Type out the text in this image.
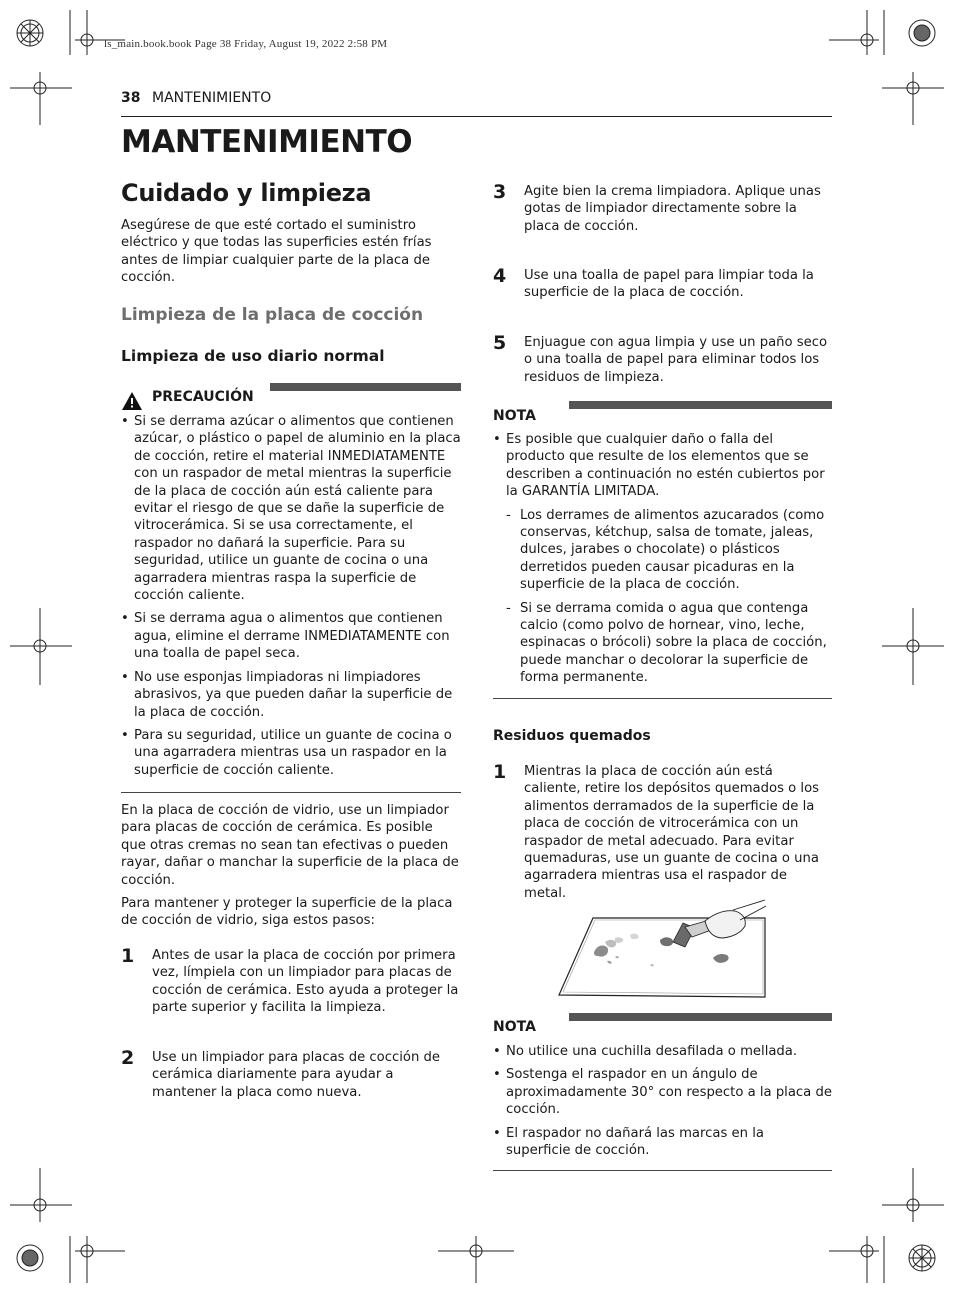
ls_main.book.book Page 38 Friday, August 19, 2022 2:58 PM
38 MANTENIMIENTO
MANTENIMIENTO
Cuidado y limpieza

Asegúrese de que esté cortado el suministro eléctrico y que todas las superficies estén frías antes de limpiar cualquier parte de la placa de cocción.

Limpieza de la placa de cocción
Limpieza de uso diario normal
PRECAUCIÓN
• Si se derrama azúcar o alimentos que contienen azúcar, o plástico o papel de aluminio en la placa de cocción, retire el material INMEDIATAMENTE con un raspador de metal mientras la superficie de la placa de cocción aún está caliente para evitar el riesgo de que se dañe la superficie de vitrocerámica. Si se usa correctamente, el raspador no dañará la superficie. Para su seguridad, utilice un guante de cocina o una agarradera mientras raspa la superficie de cocción caliente.
• Si se derrama agua o alimentos que contienen agua, elimine el derrame INMEDIATAMENTE con una toalla de papel seca.
• No use esponjas limpiadoras ni limpiadores abrasivos, ya que pueden dañar la superficie de la placa de cocción.
• Para su seguridad, utilice un guante de cocina o una agarradera mientras usa un raspador en la superficie de cocción caliente.

En la placa de cocción de vidrio, use un limpiador para placas de cocción de cerámica. Es posible que otras cremas no sean tan efectivas o pueden rayar, dañar o manchar la superficie de la placa de cocción.

Para mantener y proteger la superficie de la placa de cocción de vidrio, siga estos pasos:

1 Antes de usar la placa de cocción por primera vez, límpiela con un limpiador para placas de cocción de cerámica. Esto ayuda a proteger la parte superior y facilita la limpieza.
2 Use un limpiador para placas de cocción de cerámica diariamente para ayudar a mantener la placa como nueva.
3 Agite bien la crema limpiadora. Aplique unas gotas de limpiador directamente sobre la placa de cocción.
4 Use una toalla de papel para limpiar toda la superficie de la placa de cocción.
5 Enjuague con agua limpia y use un paño seco o una toalla de papel para eliminar todos los residuos de limpieza.
NOTA
• Es posible que cualquier daño o falla del producto que resulte de los elementos que se describen a continuación no estén cubiertos por la GARANTÍA LIMITADA.
- Los derrames de alimentos azucarados (como conservas, kétchup, salsa de tomate, jaleas, dulces, jarabes o chocolate) o plásticos derretidos pueden causar picaduras en la superficie de la placa de cocción.
- Si se derrama comida o agua que contenga calcio (como polvo de hornear, vino, leche, espinacas o brócoli) sobre la placa de cocción, puede manchar o decolorar la superficie de forma permanente.
Residuos quemados
1 Mientras la placa de cocción aún está caliente, retire los depósitos quemados o los alimentos derramados de la superficie de la placa de cocción de vitrocerámica con un raspador de metal adecuado. Para evitar quemaduras, use un guante de cocina o una agarradera mientras usa el raspador de metal.
NOTA
• No utilice una cuchilla desafilada o mellada.
• Sostenga el raspador en un ángulo de aproximadamente 30° con respecto a la placa de cocción.
• El raspador no dañará las marcas en la superficie de cocción.
